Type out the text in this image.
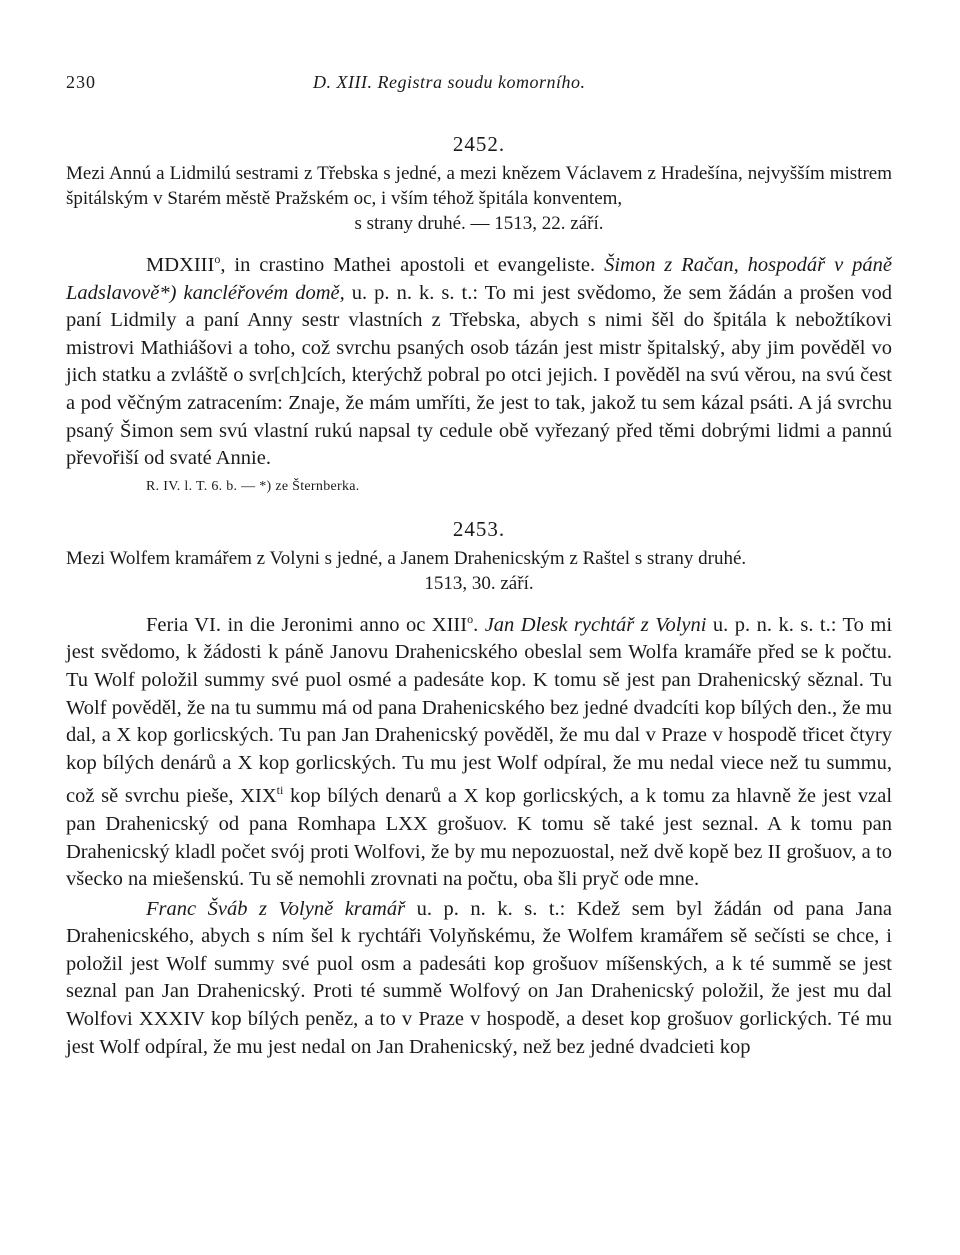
230	D. XIII. Registra soudu komorního.
2452.

Mezi Annú a Lidmilú sestrami z Třebska s jedné, a mezi knězem Václavem z Hradešína, nejvyšším mistrem špitálským v Starém městě Pražském oc, i vším téhož špitála konventem,

s strany druhé. — 1513, 22. září.

MDXIII$^o$, in crastino Mathei apostoli et evangeliste. Šimon z Račan, hospodář v páně Ladslavově*) kancléřovém domě, u. p. n. k. s. t.: To mi jest svědomo, že sem žádán a prošen vod paní Lidmily a paní Anny sestr vlastních z Třebska, abych s nimi šěl do špitála k nebožtíkovi mistrovi Mathiášovi a toho, což svrchu psaných osob tázán jest mistr špitalský, aby jim pověděl vo jich statku a zvláště o svr[ch]cích, kterýchž pobral po otci jejich. I pověděl na svú věrou, na svú čest a pod věčným zatracením: Znaje, že mám umříti, že jest to tak, jakož tu sem kázal psáti. A já svrchu psaný Šimon sem svú vlastní rukú napsal ty cedule obě vyřezaný před těmi dobrými lidmi a pannú převořiší od svaté Annie.

R. IV. l. T. 6. b. — *) ze Šternberka.
2453.

Mezi Wolfem kramářem z Volyni s jedné, a Janem Drahenicským z Raštel s strany druhé.

1513, 30. září.

Feria VI. in die Jeronimi anno oc XIII$^o$. Jan Dlesk rychtář z Volyni u. p. n. k. s. t.: To mi jest svědomo, k žádosti k páně Janovu Drahenicského obeslal sem Wolfa kramáře před se k počtu. Tu Wolf položil summy své puol osmé a padesáte kop. K tomu sě jest pan Drahenicský sěznal. Tu Wolf pověděl, že na tu summu má od pana Drahenicského bez jedné dvadcíti kop bílých den., že mu dal, a X kop gorlicských. Tu pan Jan Drahenicský pověděl, že mu dal v Praze v hospodě třicet čtyry kop bílých denárů a X kop gorlicských. Tu mu jest Wolf odpíral, že mu nedal viece než tu summu, což sě svrchu pieše, $XIX^{ti}$ kop bílých denarů a X kop gorlicských, a k tomu za hlavně že jest vzal pan Drahenicský od pana Romhapa LXX grošuov. K tomu sě také jest seznal. A k tomu pan Drahenicský kladl počet svój proti Wolfovi, že by mu nepozuostal, než dvě kopě bez II grošuov, a to všecko na miešenskú. Tu sě nemohli zrovnati na počtu, oba šli pryč ode mne.

Franc Šváb z Volyně kramář u. p. n. k. s. t.: Kdež sem byl žádán od pana Jana Drahenicského, abych s ním šel k rychtáři Volyňskému, že Wolfem kramářem sě sečísti se chce, i položil jest Wolf summy své puol osm a padesáti kop grošuov míšenských, a k té summě se jest seznal pan Jan Drahenicský. Proti té summě Wolfový on Jan Drahenicský položil, že jest mu dal Wolfovi XXXIV kop bílých peněz, a to v Praze v hospodě, a deset kop grošuov gorlických. Té mu jest Wolf odpíral, že mu jest nedal on Jan Drahenicský, než bez jedné dvadcieti kop
